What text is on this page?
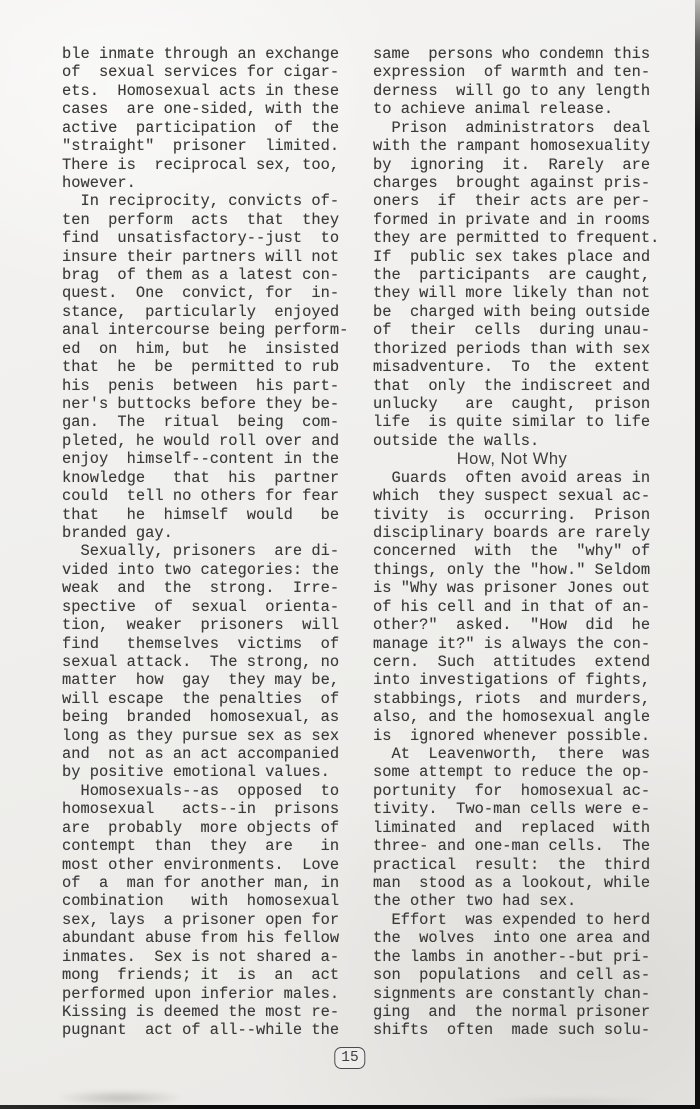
ble inmate through an exchange
of  sexual services for cigar-
ets.  Homosexual acts in these
cases  are one-sided, with the
active  participation  of  the
"straight"  prisoner  limited.
There is  reciprocal sex, too,
however.
In reciprocity, convicts of-
ten  perform  acts  that  they
find  unsatisfactory--just  to
insure their partners will not
brag  of them as a latest con-
quest.  One  convict, for  in-
stance,  particularly  enjoyed
anal intercourse being perform-
ed  on  him, but  he  insisted
that  he  be  permitted to rub
his  penis  between  his part-
ner's buttocks before they be-
gan.  The  ritual  being  com-
pleted, he would roll over and
enjoy  himself--content in the
knowledge   that  his  partner
could  tell no others for fear
that   he  himself  would   be
branded gay.
Sexually, prisoners  are di-
vided into two categories: the
weak  and  the  strong.  Irre-
spective  of  sexual  orienta-
tion,  weaker  prisoners  will
find   themselves  victims  of
sexual attack.  The strong, no
matter  how  gay  they may be,
will escape  the penalties  of
being  branded  homosexual, as
long as they pursue sex as sex
and  not as an act accompanied
by positive emotional values.
Homosexuals--as  opposed  to
homosexual   acts--in  prisons
are  probably  more objects of
contempt  than  they  are   in
most other environments.  Love
of  a  man for another man, in
combination   with  homosexual
sex, lays  a prisoner open for
abundant abuse from his fellow
inmates.  Sex is not shared a-
mong  friends; it  is  an  act
performed upon inferior males.
Kissing is deemed the most re-
pugnant  act of all--while the
same  persons who condemn this
expression  of warmth and ten-
derness  will go to any length
to achieve animal release.
Prison  administrators  deal
with the rampant homosexuality
by  ignoring  it.  Rarely  are
charges  brought against pris-
oners  if  their acts are per-
formed in private and in rooms
they are permitted to frequent.
If  public sex takes place and
the  participants  are caught,
they will more likely than not
be  charged with being outside
of  their  cells  during unau-
thorized periods than with sex
misadventure.  To  the  extent
that  only  the indiscreet and
unlucky   are  caught,  prison
life  is quite similar to life
outside the walls.
How, Not Why
Guards  often avoid areas in
which  they suspect sexual ac-
tivity  is  occurring.  Prison
disciplinary boards are rarely
concerned  with  the  "why" of
things, only the "how." Seldom
is "Why was prisoner Jones out
of his cell and in that of an-
other?"  asked.  "How  did  he
manage it?" is always the con-
cern.  Such  attitudes  extend
into investigations of fights,
stabbings, riots  and murders,
also, and the homosexual angle
is  ignored whenever possible.
At  Leavenworth,  there  was
some attempt to reduce the op-
portunity  for  homosexual ac-
tivity.  Two-man cells were e-
liminated  and  replaced  with
three- and one-man cells.  The
practical  result:  the  third
man  stood as a lookout, while
the other two had sex.
Effort  was expended to herd
the  wolves  into one area and
the lambs in another--but pri-
son  populations  and cell as-
signments are constantly chan-
ging  and  the normal prisoner
shifts  often  made such solu-
15
